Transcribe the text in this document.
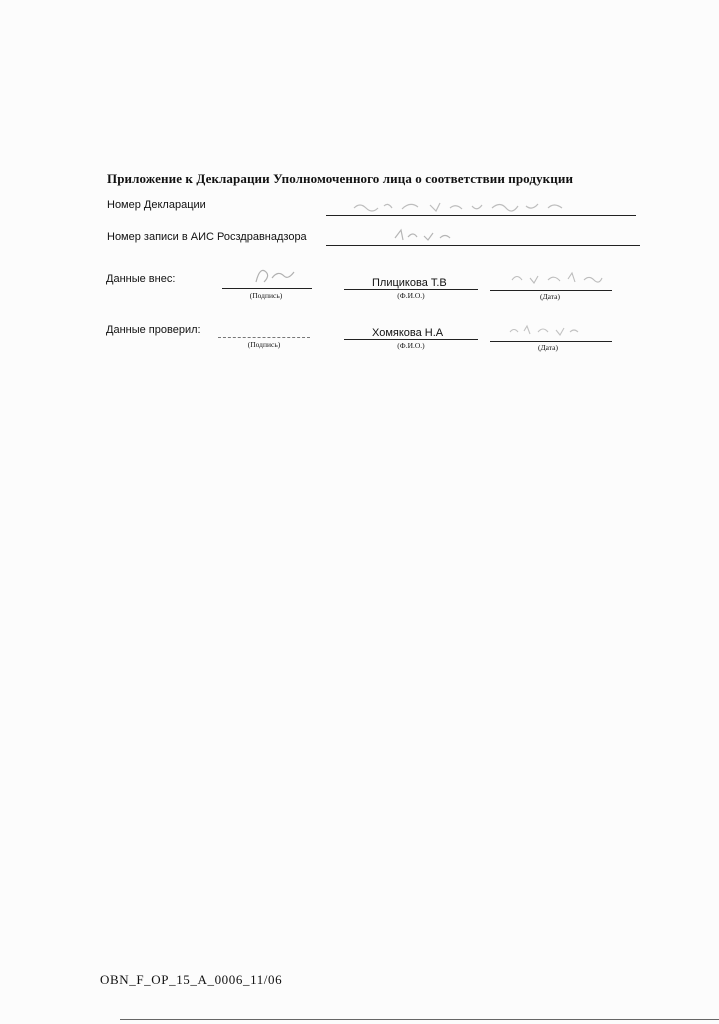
Приложение к Декларации Уполномоченного лица о соответствии продукции
Номер Декларации
Номер записи в АИС Росздравнадзора
Данные внес:
(Подпись)
Плицикова Т.В
(Ф.И.О.)	(Дата)
Данные проверил:
(Подпись)
Хомякова Н.А
(Ф.И.О.)	(Дата)
OBN_F_OP_15_A_0006_11/06
